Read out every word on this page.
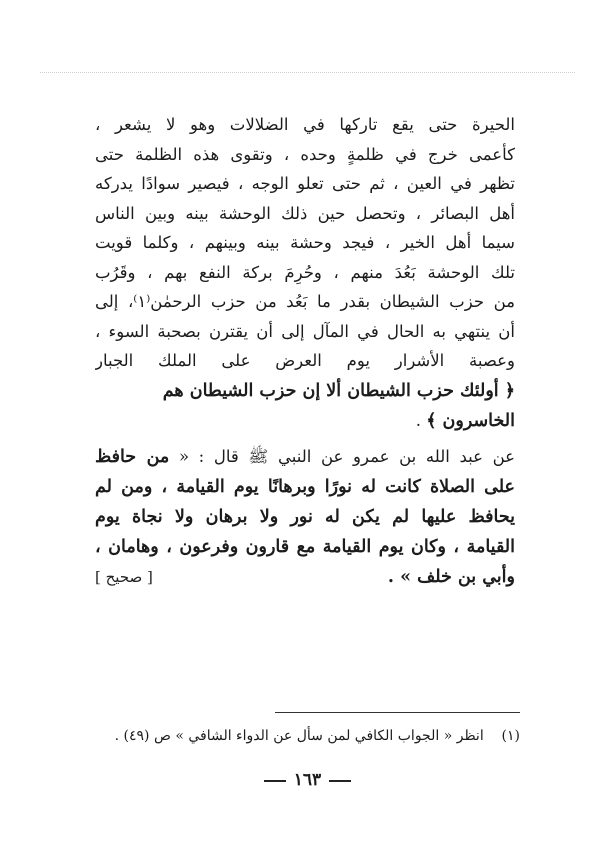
الحيرة حتى يقع تاركها في الضلالات وهو لا يشعر ،
كأعمى خرج في ظلمةٍ وحده ، وتقوى هذه الظلمة حتى
تظهر في العين ، ثم حتى تعلو الوجه ، فيصير سوادًا يدركه
أهل البصائر ، وتحصل حين ذلك الوحشة بينه وبين الناس
سيما أهل الخير ، فيجد وحشة بينه وبينهم ، وكلما قويت
تلك الوحشة بَعُدَ منهم ، وحُرِمَ بركة النفع بهم ، وقَرُب
من حزب الشيطان بقدر ما بَعُد من حزب الرحمٰن⁽١⁾، إلى
أن ينتهي به الحال في المآل إلى أن يقترن بصحبة السوء ،
وعصبة الأشرار يوم العرض على الملك الجبار
﴿ أولئك حزب الشيطان ألا إن حزب الشيطان هم
الخاسرون ﴾ .
عن عبد الله بن عمرو عن النبي ﷺ قال : « من حافظ
على الصلاة كانت له نورًا وبرهانًا يوم القيامة ، ومن لم
يحافظ عليها لم يكن له نور ولا برهان ولا نجاة يوم
القيامة ، وكان يوم القيامة مع قارون وفرعون ، وهامان ،
وأبي بن خلف » .
[ صحيح ]
(١)    انظر « الجواب الكافي لمن سأل عن الدواء الشافي » ص (٤٩) .
١٦٣
